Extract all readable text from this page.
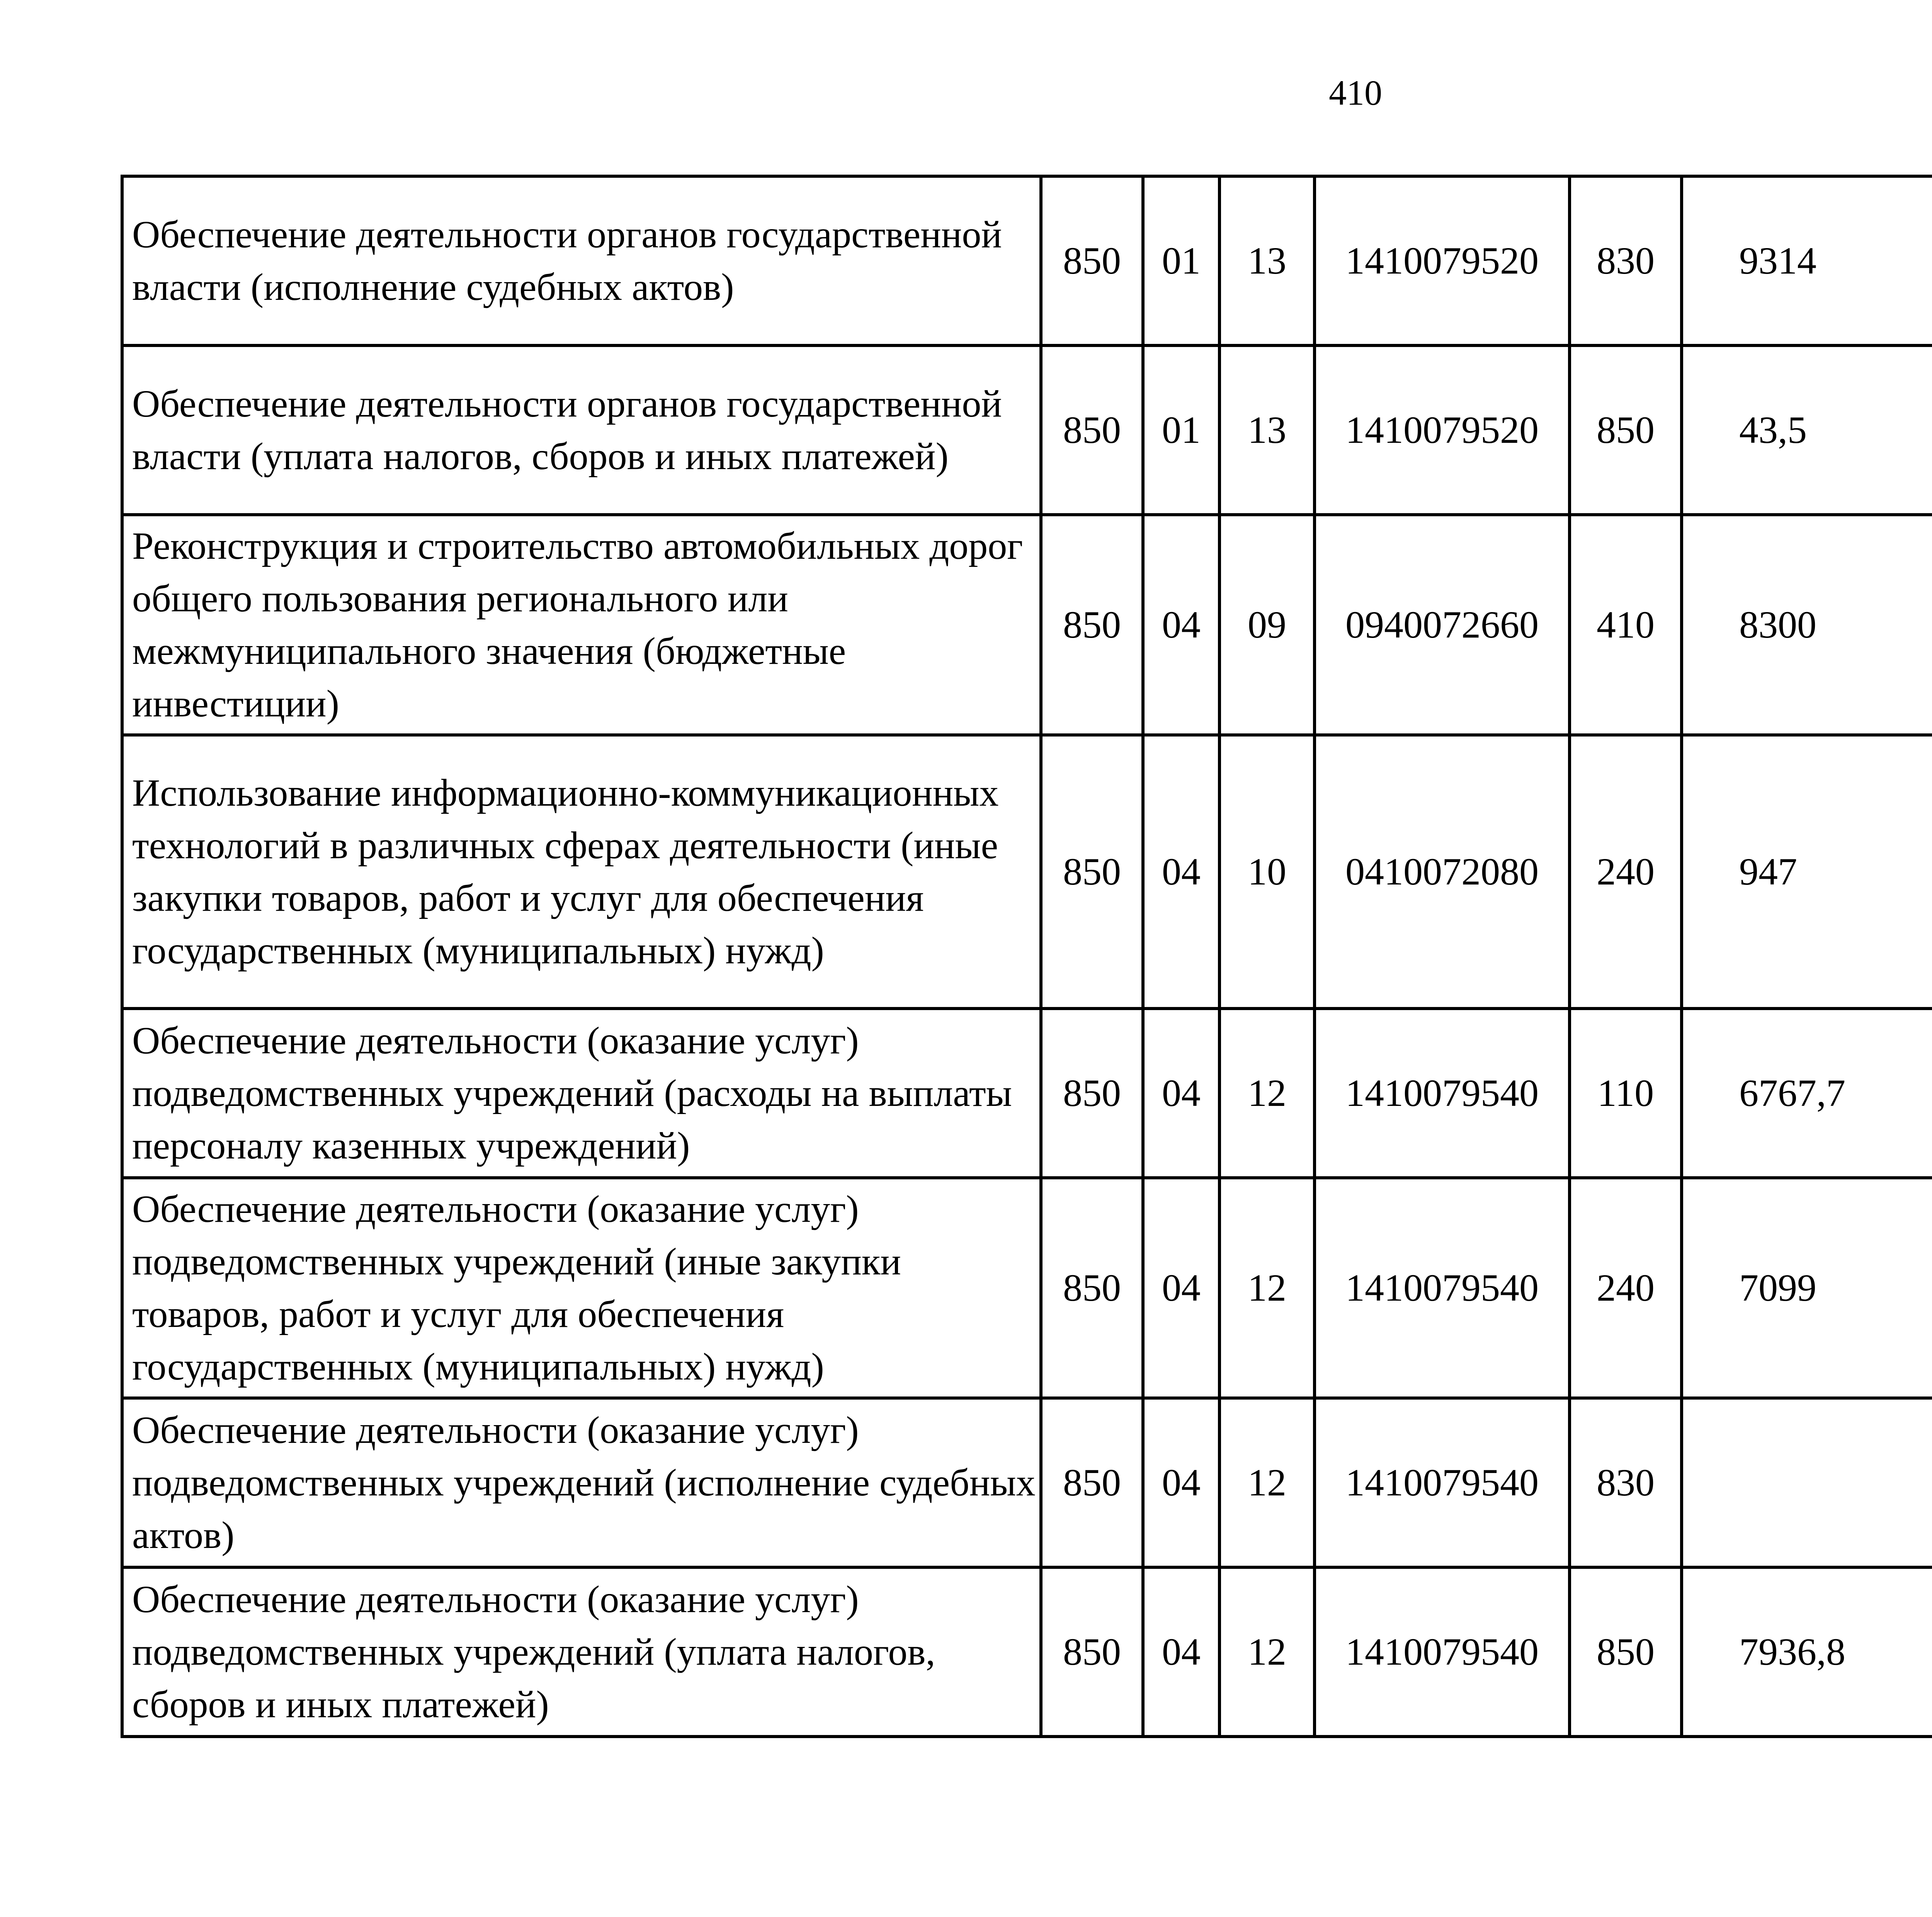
410
Обеспечение деятельности органов государственной власти (исполнение судебных актов)	850	01	13	1410079520	830	9314		
Обеспечение деятельности органов государственной власти (уплата налогов, сборов и иных платежей)	850	01	13	1410079520	850	43,5		
Реконструкция и строительство автомобильных дорог общего пользования регионального или межмуниципального значения (бюджетные инвестиции)	850	04	09	0940072660	410	8300		
Использование информационно-коммуникационных технологий в различных сферах деятельности (иные закупки товаров, работ и услуг для обеспечения государственных (муниципальных) нужд)	850	04	10	0410072080	240	947		
Обеспечение деятельности (оказание услуг) подведомственных учреждений (расходы на выплаты персоналу казенных учреждений)	850	04	12	1410079540	110	6767,7		
Обеспечение деятельности (оказание услуг) подведомственных учреждений (иные закупки товаров, работ и услуг для обеспечения государственных (муниципальных) нужд)	850	04	12	1410079540	240	7099		
Обеспечение деятельности (оказание услуг) подведомственных учреждений (исполнение судебных актов)	850	04	12	1410079540	830			
Обеспечение деятельности (оказание услуг) подведомственных учреждений (уплата налогов, сборов и иных платежей)	850	04	12	1410079540	850	7936,8		
